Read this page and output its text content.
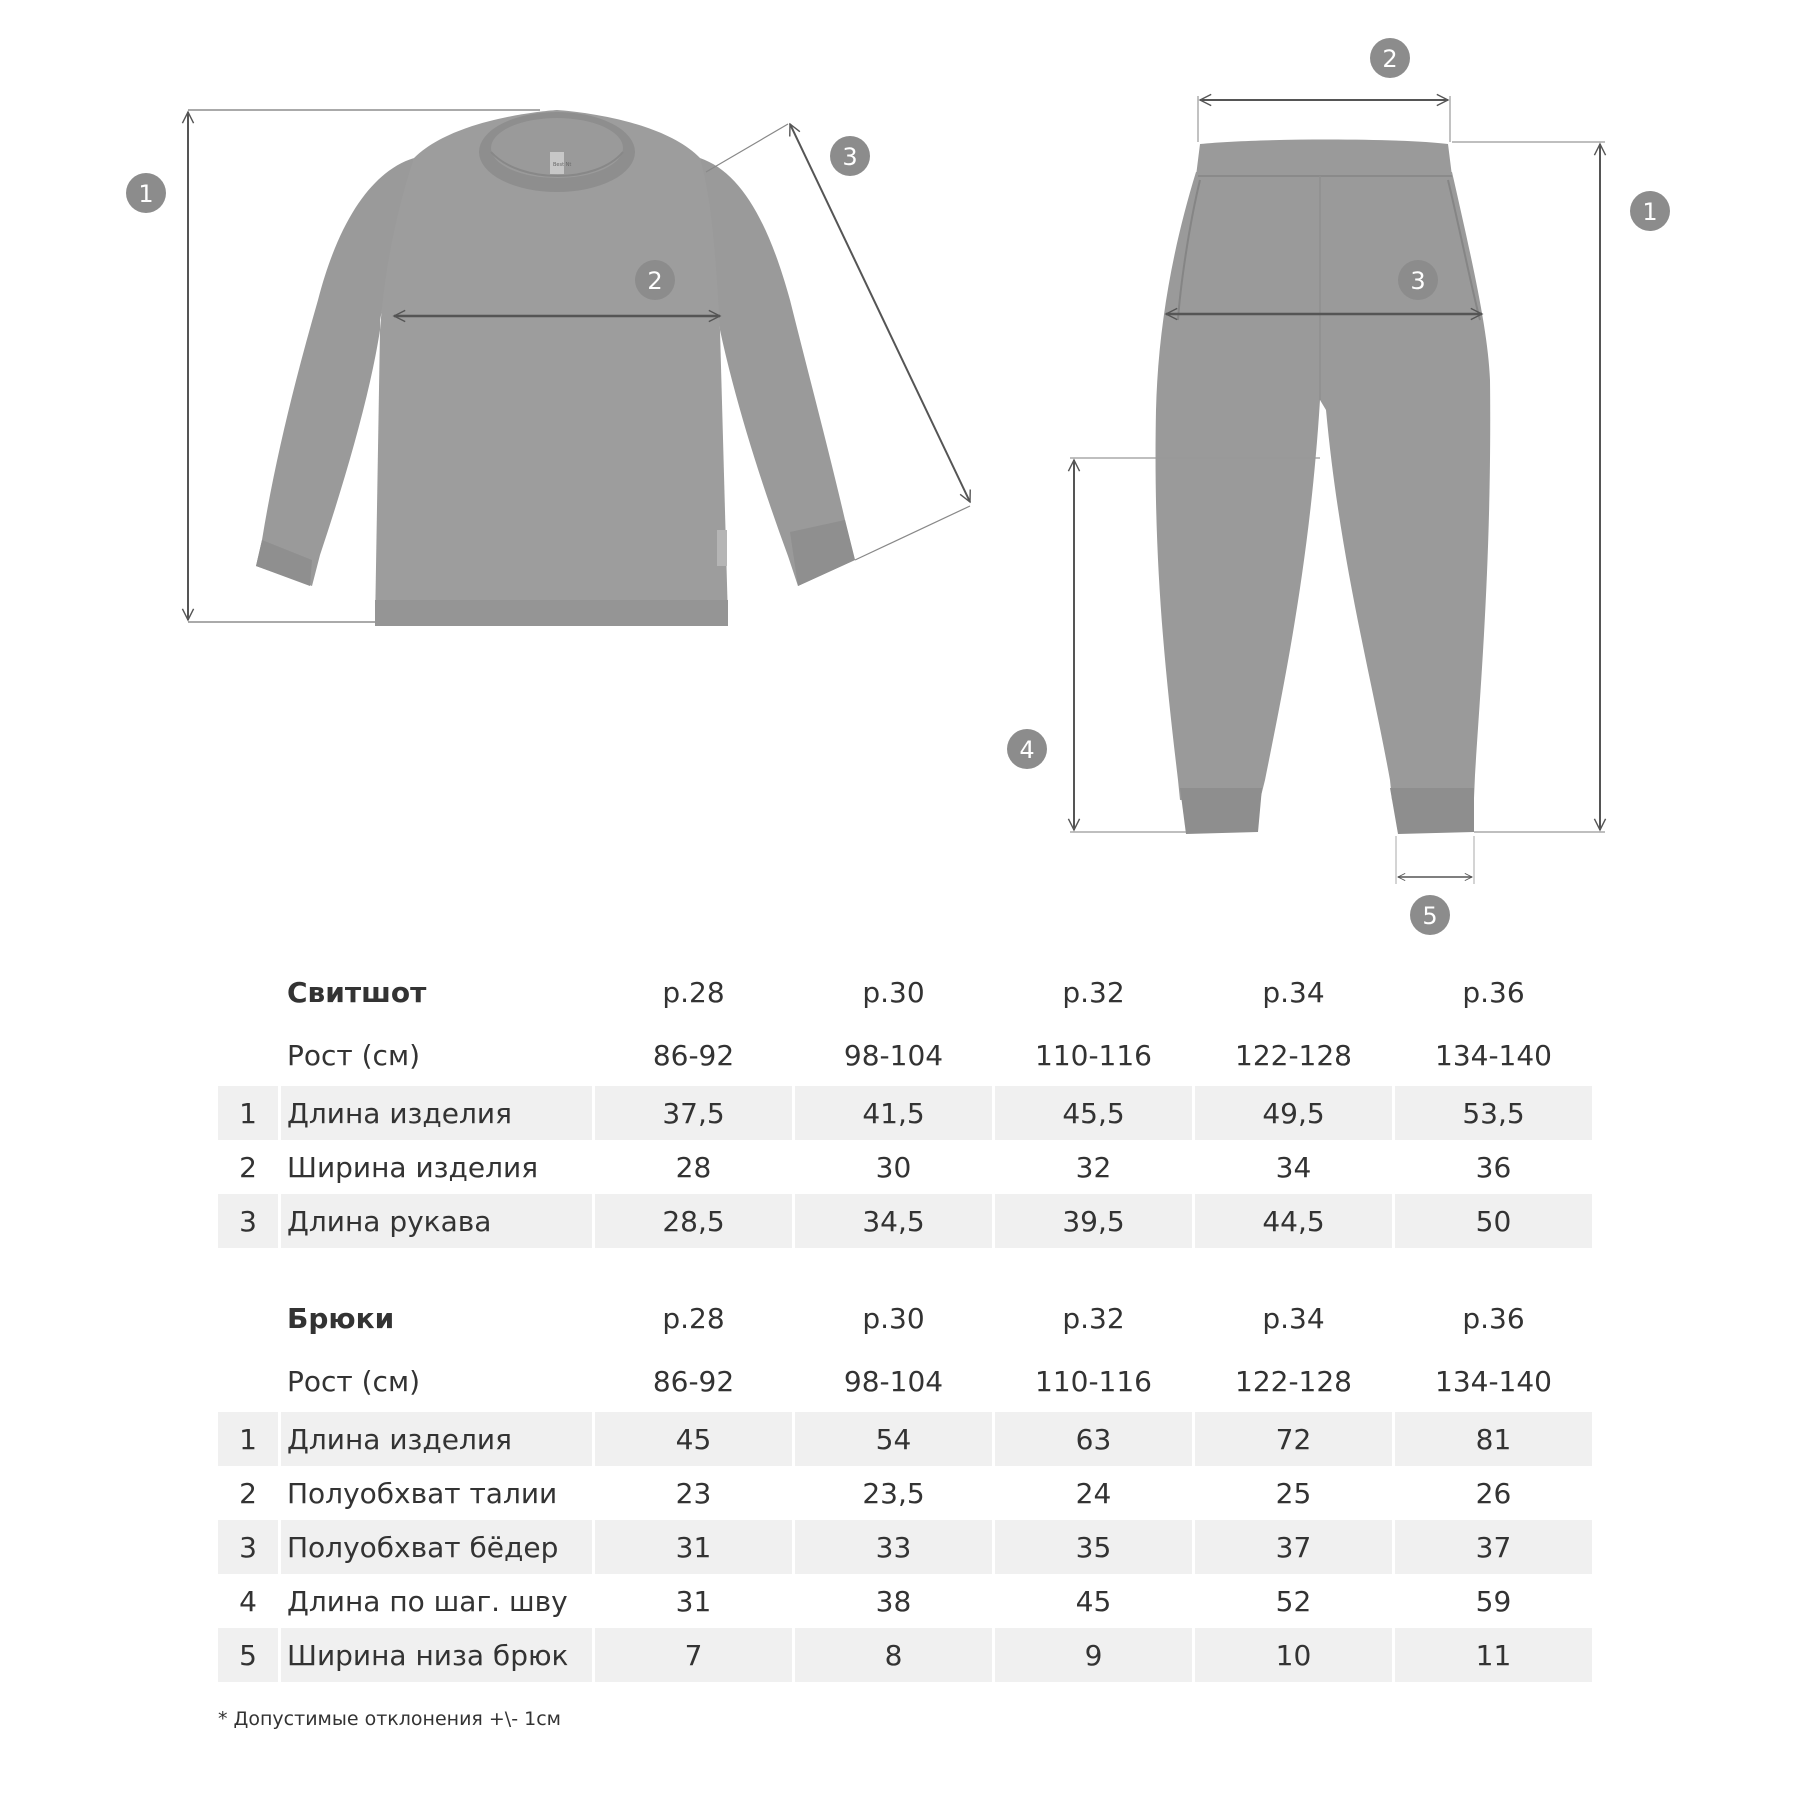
Best Nt
1
2
3
2
3
1
4
5
	Свитшот	р.28	р.30	р.32	р.34	р.36
	Рост (см)	86-92	98-104	110-116	122-128	134-140
1	Длина изделия	37,5	41,5	45,5	49,5	53,5
2	Ширина изделия	28	30	32	34	36
3	Длина рукава	28,5	34,5	39,5	44,5	50
	Брюки	р.28	р.30	р.32	р.34	р.36
	Рост (см)	86-92	98-104	110-116	122-128	134-140
1	Длина изделия	45	54	63	72	81
2	Полуобхват талии	23	23,5	24	25	26
3	Полуобхват бёдер	31	33	35	37	37
4	Длина по шаг. шву	31	38	45	52	59
5	Ширина низа брюк	7	8	9	10	11
* Допустимые отклонения +\- 1см
